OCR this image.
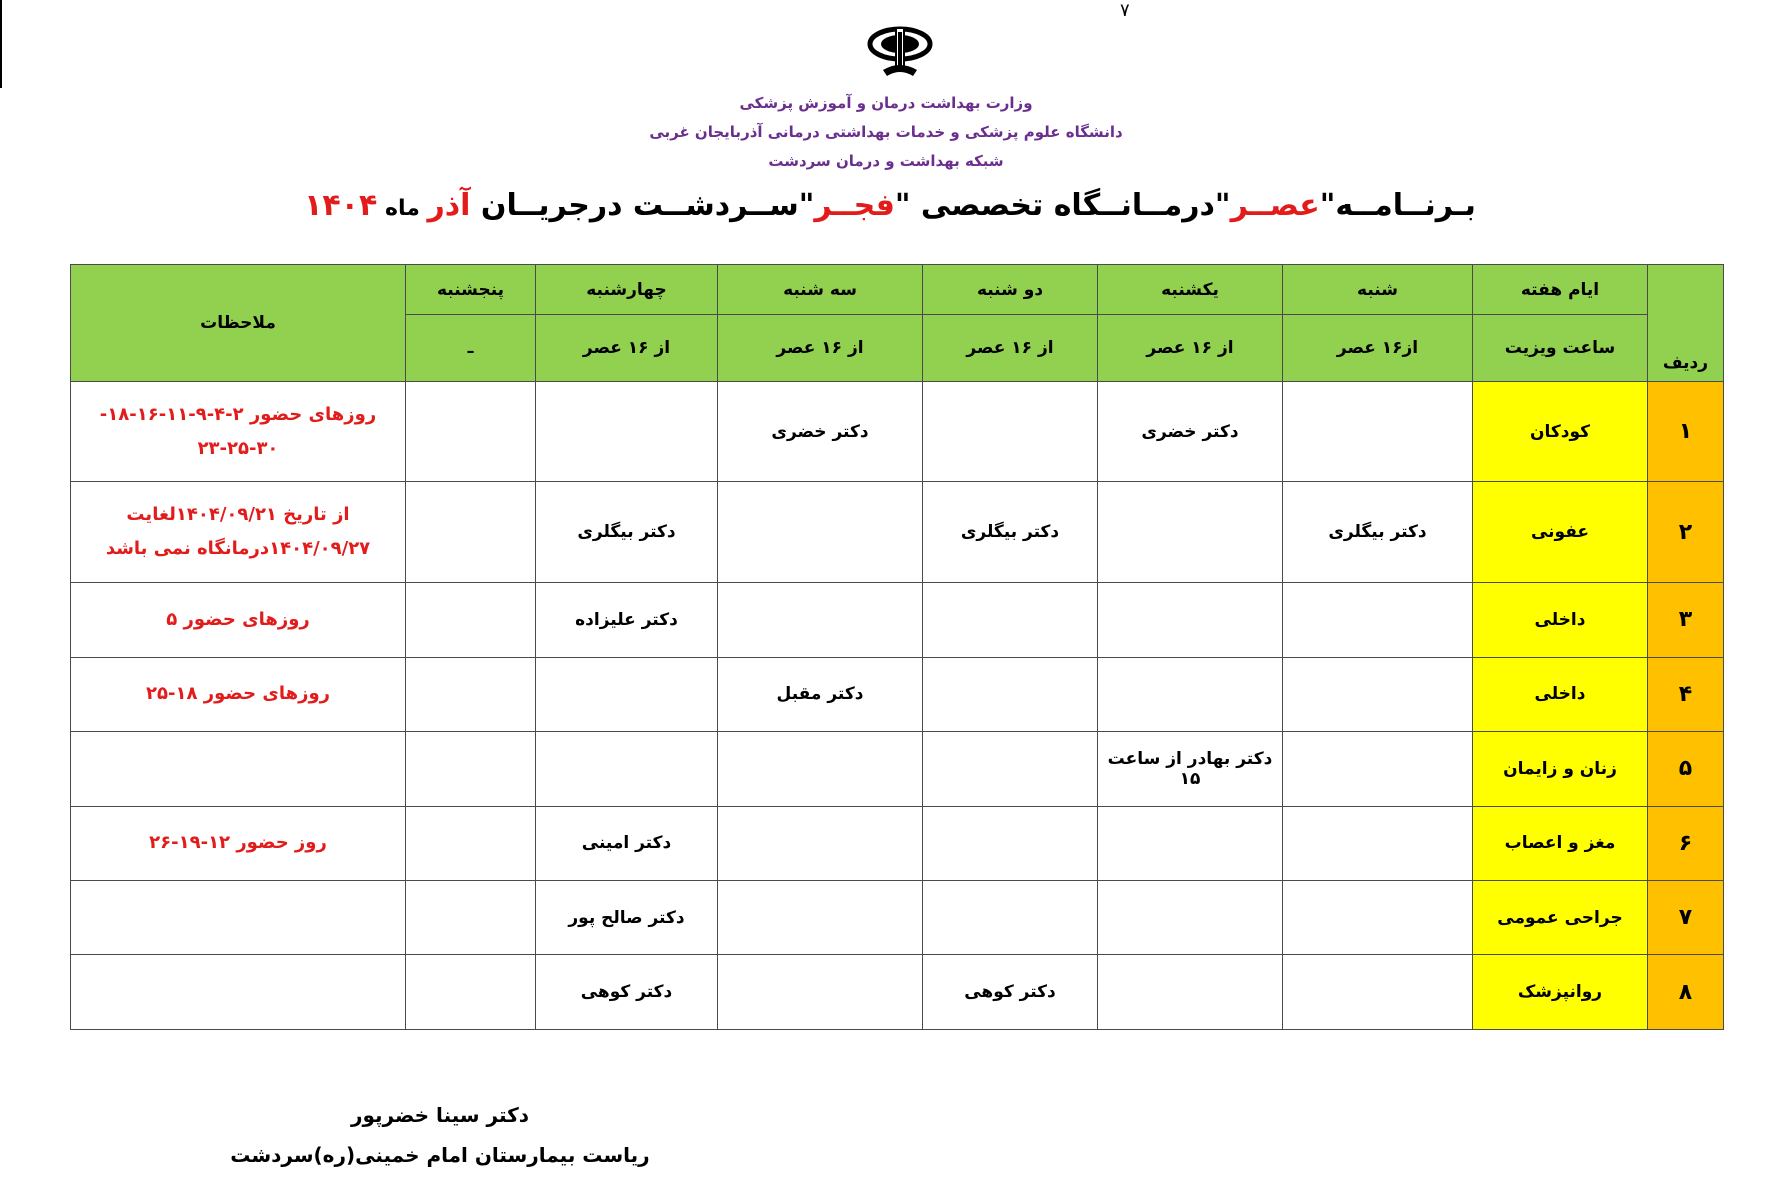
۷
وزارت بهداشت درمان و آموزش پزشکی
دانشگاه علوم پزشکی و خدمات بهداشتی درمانی آذربایجان غربی
شبکه بهداشت و درمان سردشت
بـرنــامــه"عصــر"درمــانــگاه تخصصی "فجــر"ســردشــت درجریــان آذر ماه ۱۴۰۴
ردیف	ایام هفته	شنبه	یکشنبه	دو شنبه	سه شنبه	چهارشنبه	پنجشنبه	ملاحظات
	ساعت ویزیت	از۱۶ عصر	از ۱۶ عصر	از ۱۶ عصر	از ۱۶ عصر	از ۱۶ عصر	ـ	
۱	کودکان		دکتر خضری		دکتر خضری			روزهای حضور ۲-۴-۹-۱۱-۱۶-۱۸-
۲۳-۲۵-۳۰

۲	عفونی	دکتر بیگلری		دکتر بیگلری		دکتر بیگلری		از تاریخ ۱۴۰۴/۰۹/۲۱لغایت
۱۴۰۴/۰۹/۲۷درمانگاه نمی باشد

۳	داخلی					دکتر علیزاده		روزهای حضور ۵

۴	داخلی				دکتر مقبل			روزهای حضور ۱۸-۲۵

۵	زنان و زایمان		دکتر بهادر از ساعت ۱۵					
۶	مغز و اعصاب					دکتر امینی		روز حضور ۱۲-۱۹-۲۶

۷	جراحی عمومی					دکتر صالح پور		
۸	روانپزشک			دکتر کوهی		دکتر کوهی		
دکتر سینا خضرپور
ریاست بیمارستان امام خمینی(ره)سردشت
